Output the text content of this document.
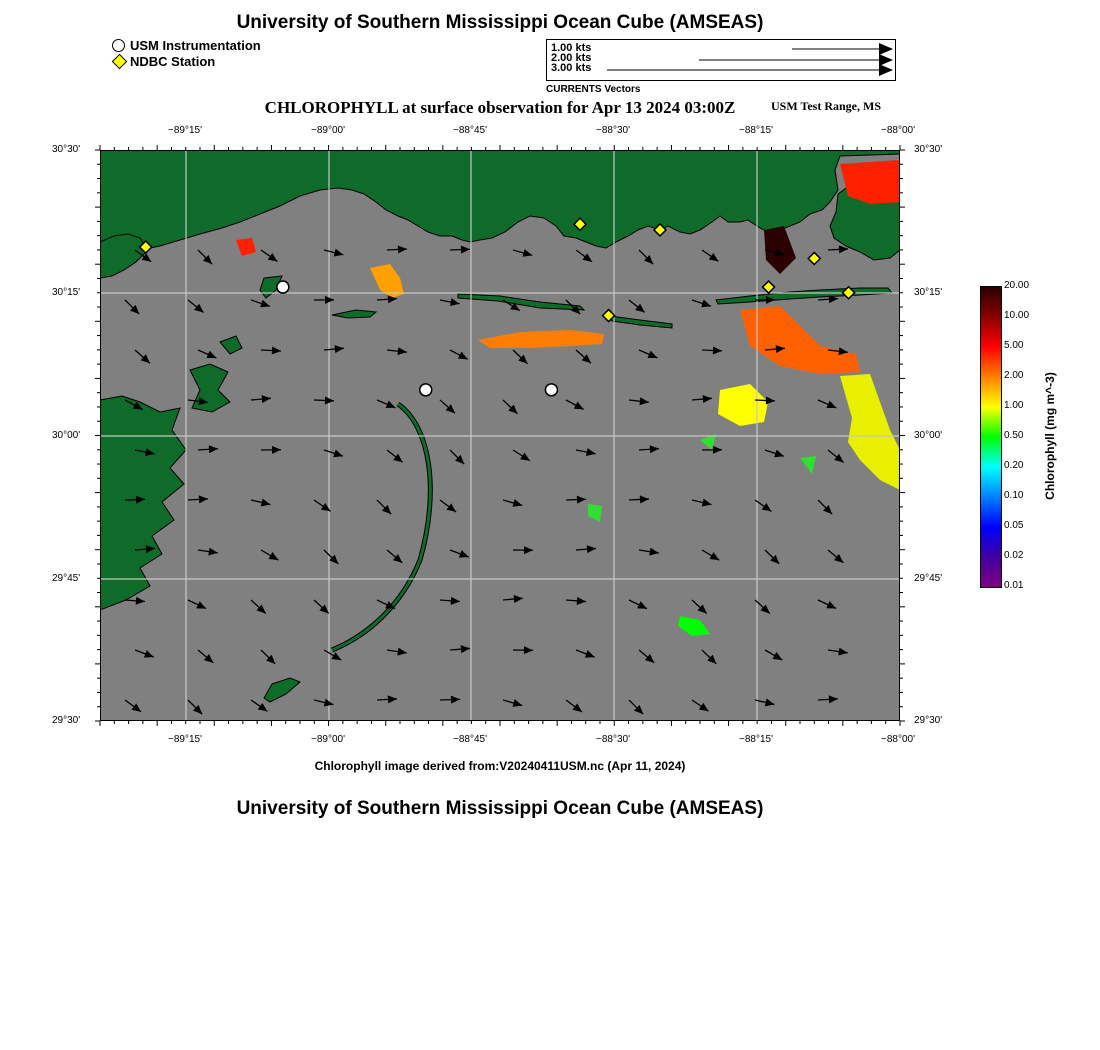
University of Southern Mississippi Ocean Cube (AMSEAS)
CHLOROPHYLL at surface observation for Apr 13 2024 03:00Z	USM Test Range, MS
USM Instrumentation
NDBC Station
1.00 kts
2.00 kts
3.00 kts
CURRENTS Vectors
−89°15'	−89°00'	−88°45'	−88°30'	−88°15'	−88°00'
−89°15'	−89°00'	−88°45'	−88°30'	−88°15'	−88°00'
30°30'
30°15'
30°00'
29°45'
29°30'
30°30'
30°15'
30°00'
29°45'
29°30'
20.00
10.00
5.00
2.00
1.00
0.50
0.20
0.10
0.05
0.02
0.01
Chlorophyll (mg m^-3)
Chlorophyll image derived from:V20240411USM.nc (Apr 11, 2024)
University of Southern Mississippi Ocean Cube (AMSEAS)
